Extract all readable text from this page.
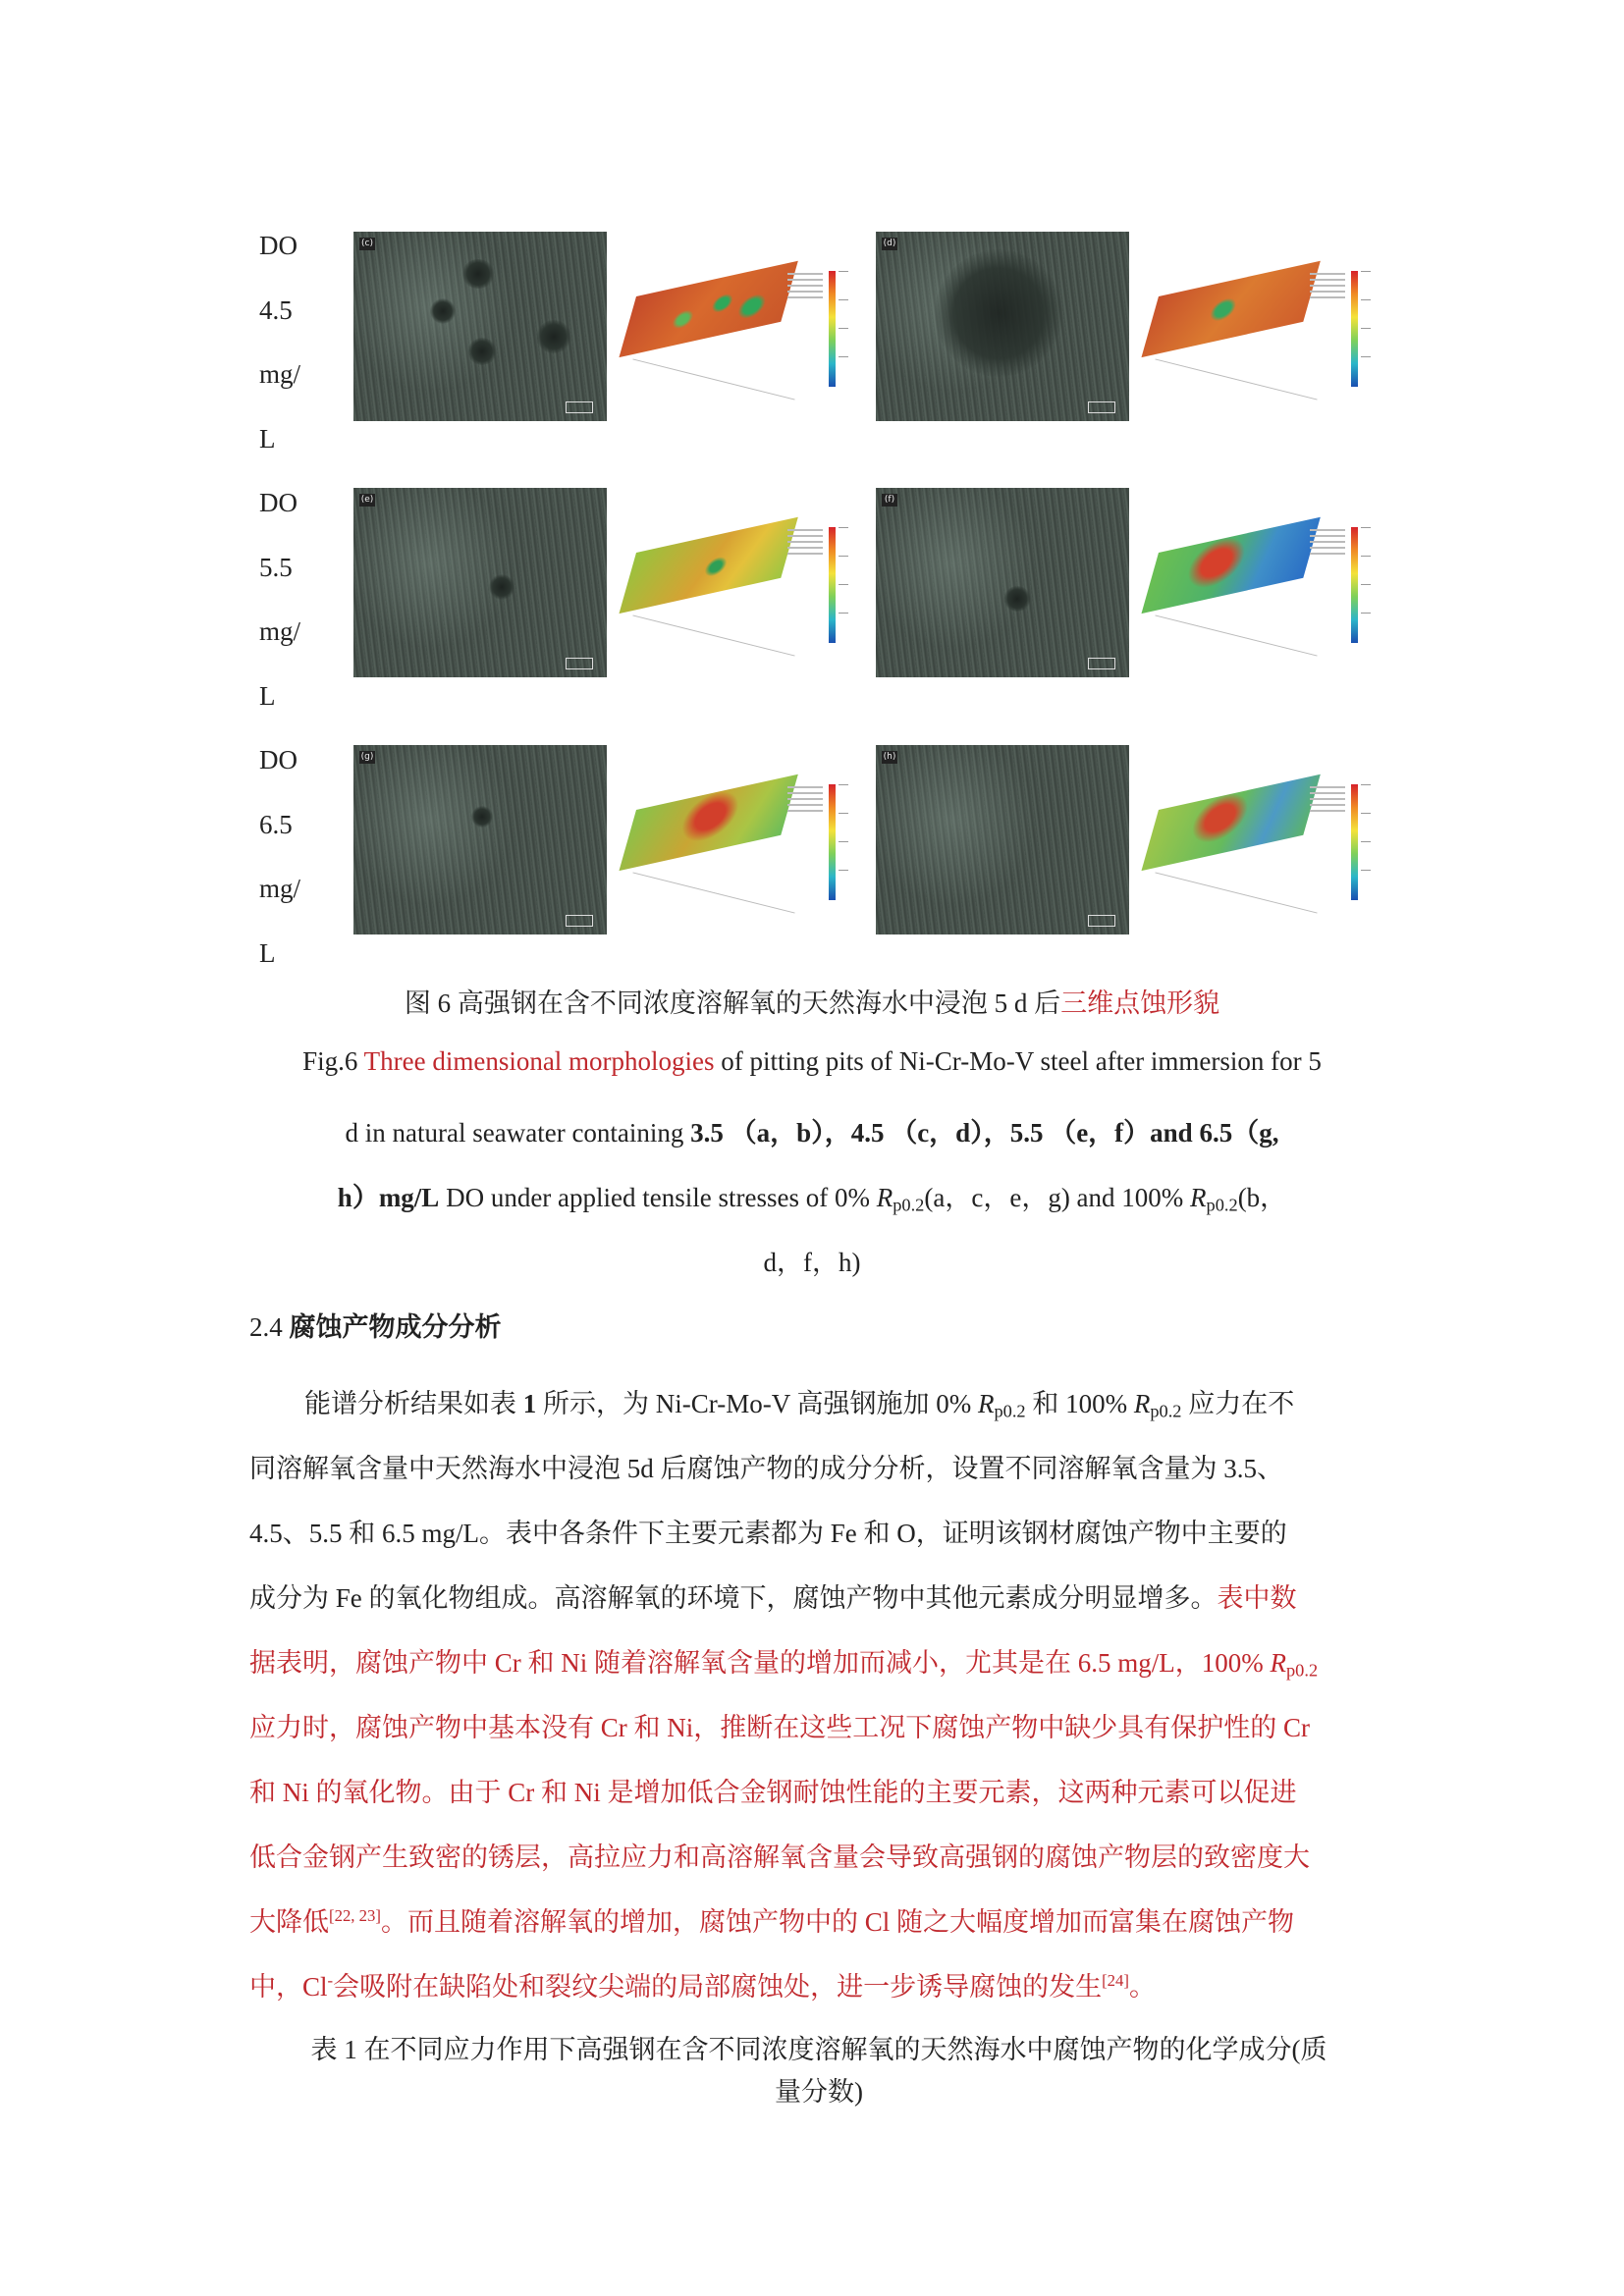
DO
4.5
mg/
L
(c)	(d)
DO
5.5
mg/
L
(e)	(f)
DO
6.5
mg/
L
(g)	(h)
图 6 高强钢在含不同浓度溶解氧的天然海水中浸泡 5 d 后三维点蚀形貌
Fig.6 Three dimensional morphologies of pitting pits of Ni-Cr-Mo-V steel after immersion for 5
d in natural seawater containing 3.5 （a，b），4.5 （c，d），5.5 （e，f）and 6.5（g,
h）mg/L DO under applied tensile stresses of 0% $R_{p0.2}(a$，c，e，g) and 100% $R_{p0.2}(b$，
d，f，h)
2.4 腐蚀产物成分分析
能谱分析结果如表 1 所示，为 Ni-Cr-Mo-V 高强钢施加 0% $R_{p0.2}$ 和 100% $R_{p0.2}$ 应力在不
同溶解氧含量中天然海水中浸泡 5d 后腐蚀产物的成分分析，设置不同溶解氧含量为 3.5、
4.5、5.5 和 6.5 mg/L。表中各条件下主要元素都为 Fe 和 O，证明该钢材腐蚀产物中主要的
成分为 Fe 的氧化物组成。高溶解氧的环境下，腐蚀产物中其他元素成分明显增多。表中数
据表明，腐蚀产物中 Cr 和 Ni 随着溶解氧含量的增加而减小，尤其是在 6.5 mg/L，100% $R_{p0.2}$
应力时，腐蚀产物中基本没有 Cr 和 Ni，推断在这些工况下腐蚀产物中缺少具有保护性的 Cr
和 Ni 的氧化物。由于 Cr 和 Ni 是增加低合金钢耐蚀性能的主要元素，这两种元素可以促进
低合金钢产生致密的锈层，高拉应力和高溶解氧含量会导致高强钢的腐蚀产物层的致密度大
大降低[22, 23]。而且随着溶解氧的增加，腐蚀产物中的 Cl 随之大幅度增加而富集在腐蚀产物
中，Cl-会吸附在缺陷处和裂纹尖端的局部腐蚀处，进一步诱导腐蚀的发生[24]。
表 1 在不同应力作用下高强钢在含不同浓度溶解氧的天然海水中腐蚀产物的化学成分(质
量分数)
